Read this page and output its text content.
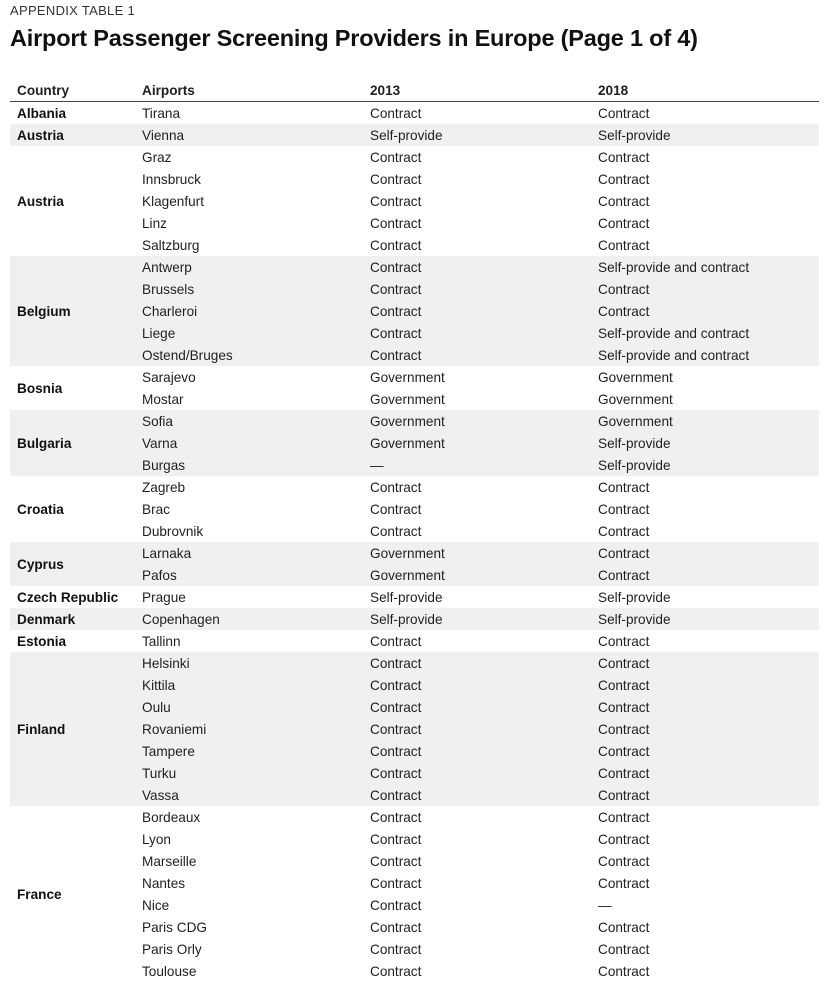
APPENDIX TABLE 1
Airport Passenger Screening Providers in Europe (Page 1 of 4)
Country	Airports	2013	2018
Albania	Tirana	Contract	Contract
Austria	Vienna	Self-provide	Self-provide
Austria	Graz	Contract	Contract
	Innsbruck	Contract	Contract
	Klagenfurt	Contract	Contract
	Linz	Contract	Contract
	Saltzburg	Contract	Contract
Belgium	Antwerp	Contract	Self-provide and contract
	Brussels	Contract	Contract
	Charleroi	Contract	Contract
	Liege	Contract	Self-provide and contract
	Ostend/Bruges	Contract	Self-provide and contract
Bosnia	Sarajevo	Government	Government
	Mostar	Government	Government
Bulgaria	Sofia	Government	Government
	Varna	Government	Self-provide
	Burgas	—	Self-provide
Croatia	Zagreb	Contract	Contract
	Brac	Contract	Contract
	Dubrovnik	Contract	Contract
Cyprus	Larnaka	Government	Contract
	Pafos	Government	Contract
Czech Republic	Prague	Self-provide	Self-provide
Denmark	Copenhagen	Self-provide	Self-provide
Estonia	Tallinn	Contract	Contract
Finland	Helsinki	Contract	Contract
	Kittila	Contract	Contract
	Oulu	Contract	Contract
	Rovaniemi	Contract	Contract
	Tampere	Contract	Contract
	Turku	Contract	Contract
	Vassa	Contract	Contract
France	Bordeaux	Contract	Contract
	Lyon	Contract	Contract
	Marseille	Contract	Contract
	Nantes	Contract	Contract
	Nice	Contract	—
	Paris CDG	Contract	Contract
	Paris Orly	Contract	Contract
	Toulouse	Contract	Contract
